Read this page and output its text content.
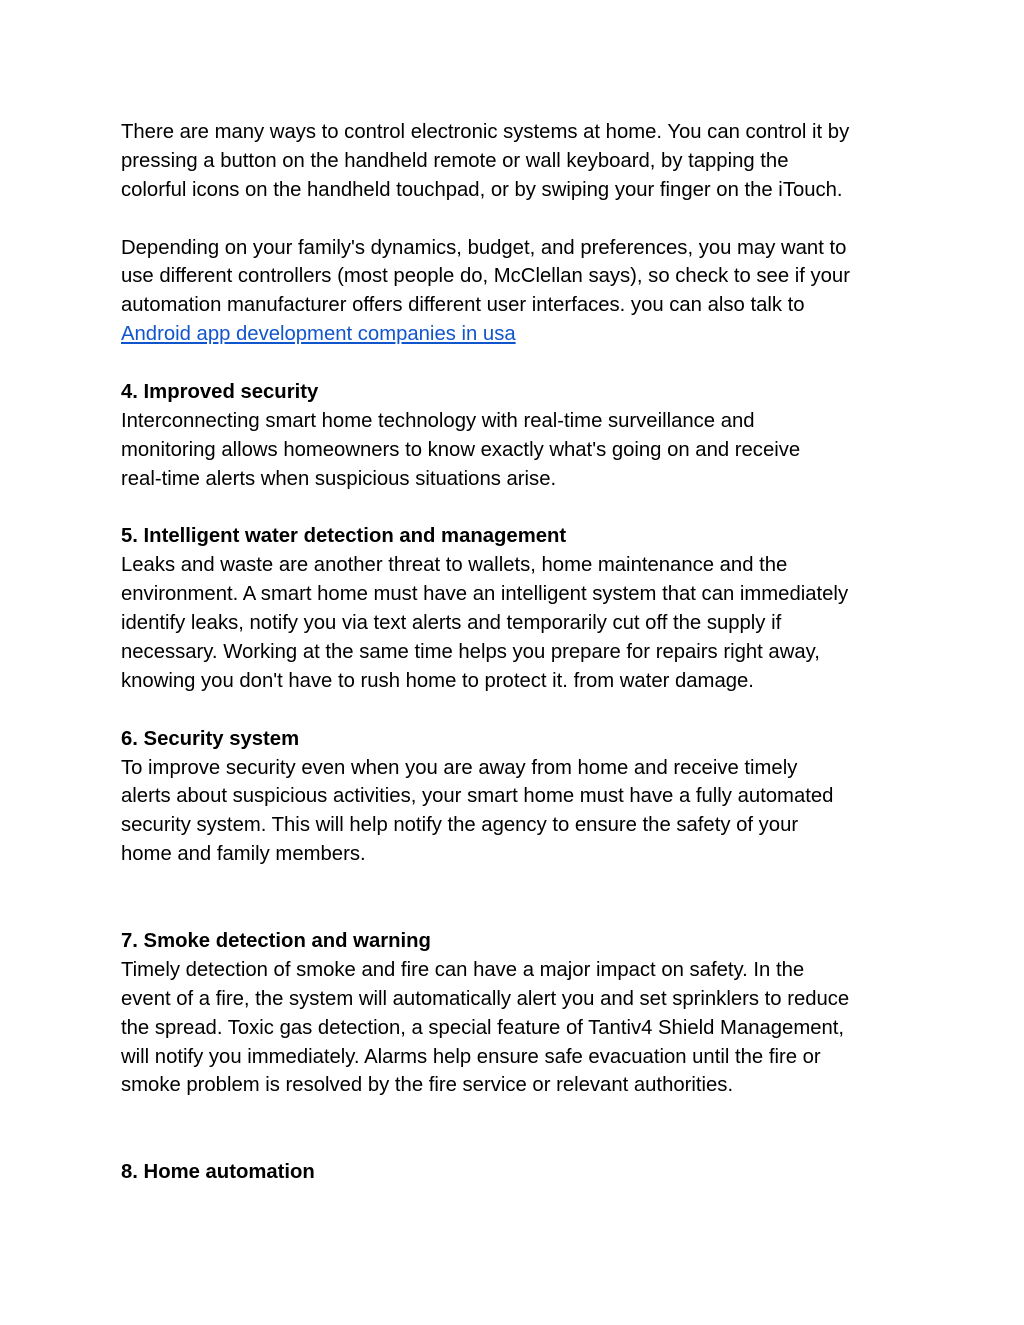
There are many ways to control electronic systems at home. You can control it by
pressing a button on the handheld remote or wall keyboard, by tapping the
colorful icons on the handheld touchpad, or by swiping your finger on the iTouch.
Depending on your family's dynamics, budget, and preferences, you may want to
use different controllers (most people do, McClellan says), so check to see if your
automation manufacturer offers different user interfaces. you can also talk to
Android app development companies in usa
4. Improved security
Interconnecting smart home technology with real-time surveillance and
monitoring allows homeowners to know exactly what's going on and receive
real-time alerts when suspicious situations arise.
5. Intelligent water detection and management
Leaks and waste are another threat to wallets, home maintenance and the
environment. A smart home must have an intelligent system that can immediately
identify leaks, notify you via text alerts and temporarily cut off the supply if
necessary. Working at the same time helps you prepare for repairs right away,
knowing you don't have to rush home to protect it. from water damage.
6. Security system
To improve security even when you are away from home and receive timely
alerts about suspicious activities, your smart home must have a fully automated
security system. This will help notify the agency to ensure the safety of your
home and family members.
7. Smoke detection and warning
Timely detection of smoke and fire can have a major impact on safety. In the
event of a fire, the system will automatically alert you and set sprinklers to reduce
the spread. Toxic gas detection, a special feature of Tantiv4 Shield Management,
will notify you immediately. Alarms help ensure safe evacuation until the fire or
smoke problem is resolved by the fire service or relevant authorities.
8. Home automation
